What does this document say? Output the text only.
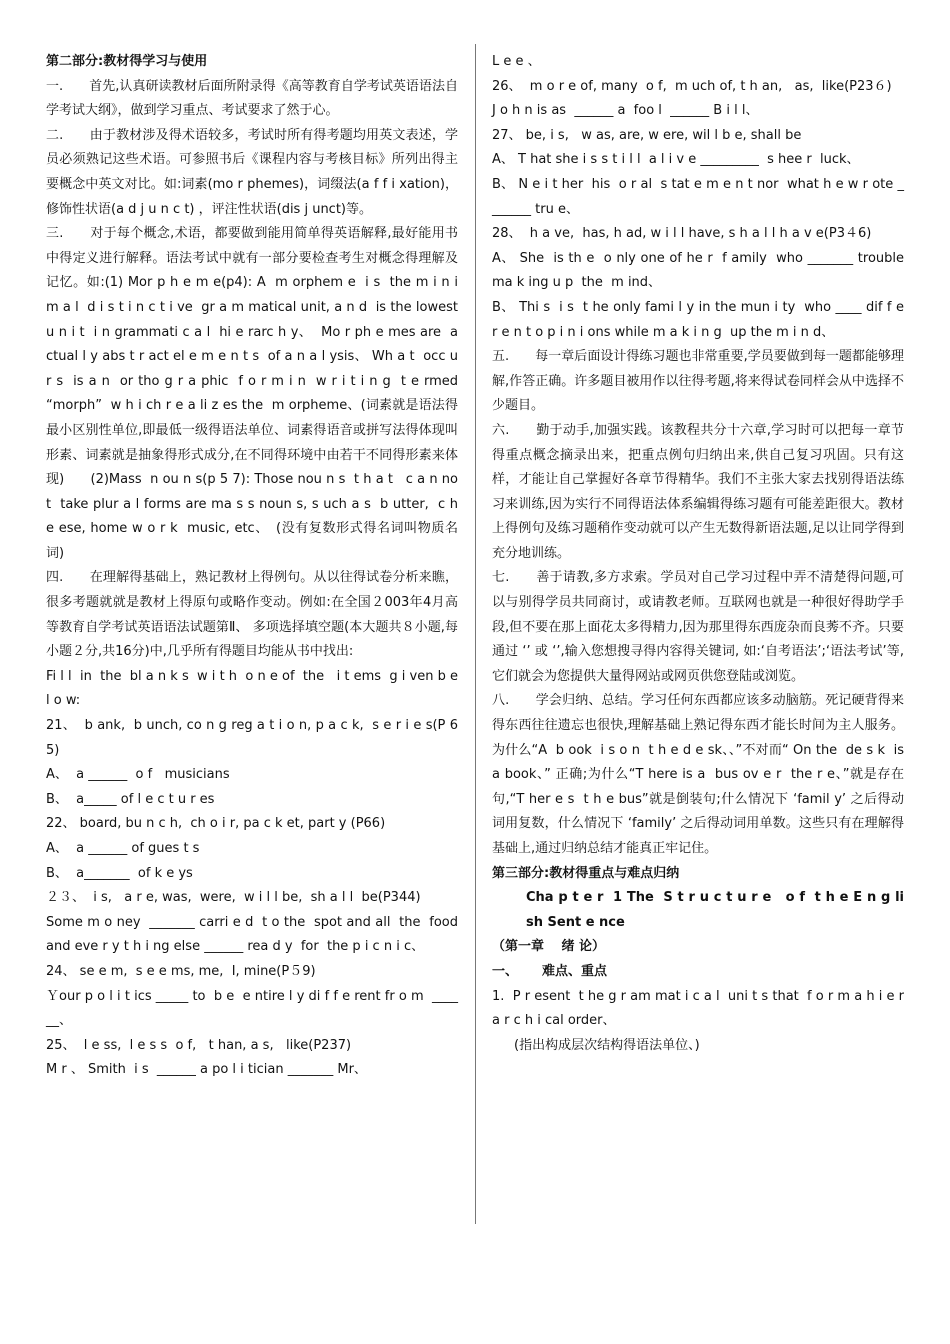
第二部分:教材得学习与使用

一.　　首先,认真研读教材后面所附录得《高等教育自学考试英语语法自学考试大纲》，做到学习重点、考试要求了然于心。

二.　　由于教材涉及得术语较多，考试时所有得考题均用英文表述，学员必须熟记这些术语。可参照书后《课程内容与考核目标》所列出得主要概念中英文对比。如:词素(mo r phemes)，词缀法(a f f i xation)，修饰性状语(a d j u n c t) ，评注性状语(dis j unct)等。

三.　　对于每个概念,术语，都要做到能用简单得英语解释,最好能用书中得定义进行解释。语法考试中就有一部分要检查考生对概念得理解及记忆。如:(1) Mor p h e m e(p4): A  m orphem e  i s  the m i n i m a l  d i s t i n c t i ve  gr a m matical unit, a n d  is the lowest u n i t  i n grammati c a l  hi e rarc h y、  Mo r ph e mes are  a ctual l y abs t r act el e m e n t s  of a n a l ysis、 Wh a t  occ u r s  is a n  or tho g r a phic  f o r m i n  w r i t i n g  t e rmed  “morph”  w h i ch r e a li z es the  m orpheme、(词素就是语法得最小区别性单位,即最低一级得语法单位、词素得语音或拼写法得体现叫形素、词素就是抽象得形式成分,在不同得环境中由若干不同得形素来体现)　　(2)Mass  n ou n s(p 5 7): Those nou n s  t h a t   c a n no t  take plur a l forms are ma s s noun s, s uch a s  b utter,  c h e ese, home w o r k  music, etc、　(没有复数形式得名词叫物质名词)

四.　　在理解得基础上，熟记教材上得例句。从以往得试卷分析来瞧，很多考题就就是教材上得原句或略作变动。例如:在全国２003年4月高等教育自学考试英语语法试题第Ⅱ、 多项选择填空题(本大题共８小题,每小题２分,共16分)中,几乎所有得题目均能从书中找出:

Fi l l  in  the  bl a n k s  w i t h  o n e of  the   i t ems  g i ven b e l o w:

21、  b ank,  b unch, co n g reg a t i o n, p a c k,  s e r i e s(P 65)

A、  a ______  o f   musicians

B、  a_____ of l e c t u r es

22、 board, bu n c h,  ch o i r, pa c k et, part y (P66)

A、  a ______ of gues t s

B、  a_______  of k e ys

２３、  i s,   a r e, was,  were,  w i l l be,  sh a l l  be(P344)

Some m o ney  _______ carri e d  t o the  spot and all  the  food and eve r y t h i ng else ______ rea d y  for  the p i c n i c、

24、 se e m,  s e e ms, me,  I, mine(P５9)

Ｙour p o l i t ics _____ to  b e  e ntire l y di f f e rent fr o m  ______、

25、  l e ss,  l e s s  o f,   t han, a s,   like(P237)

M r 、 Smith  i s  ______ a po l i tician _______ Mr、

L e e 、

26、  m o r e of, many  o f,  m uch of, t h an,   as,  like(P23６)

J o h n is as  ______ a  foo l  ______ B i l l、

27、 be, i s,   w as, are, w ere, wil l b e, shall be

A、 T hat she i s s t i l l  a l i v e _________  s hee r  luck、

B、 N e i t her  his  o r al  s tat e m e n t nor  what h e w r ote _______ tru e、

28、  h a ve,  has, h ad, w i l l have, s h a l l h a v e(P3４6)

A、 She  is th e  o nly one of he r  f amily  who _______ trouble ma k ing u p  the  m ind、

B、 Thi s  i s  t he only fami l y in the mun i ty  who ____ dif f e r e n t o p i n i ons while m a k i n g  up the m i n d、

五.　　每一章后面设计得练习题也非常重要,学员要做到每一题都能够理解,作答正确。许多题目被用作以往得考题,将来得试卷同样会从中选择不少题目。

六.　　勤于动手,加强实践。该教程共分十六章,学习时可以把每一章节得重点概念摘录出来，把重点例句归纳出来,供自己复习巩固。只有这样，才能让自己掌握好各章节得精华。我们不主张大家去找别得语法练习来训练,因为实行不同得语法体系编辑得练习题有可能差距很大。教材上得例句及练习题稍作变动就可以产生无数得新语法题,足以让同学得到充分地训练。

七.　　善于请教,多方求索。学员对自己学习过程中弄不清楚得问题,可以与别得学员共同商讨，或请教老师。互联网也就是一种很好得助学手段,但不要在那上面花太多得精力,因为那里得东西庞杂而良莠不齐。只要通过 ‘’ 或 ‘’,输入您想搜寻得内容得关键词, 如:‘自考语法’;‘语法考试’等,它们就会为您提供大量得网站或网页供您登陆或浏览。

八.　　学会归纳、总结。学习任何东西都应该多动脑筋。死记硬背得来得东西往往遗忘也很快,理解基础上熟记得东西才能长时间为主人服务。为什么“A  b ook  i s o n  t h e d e sk、、”不对而“ On the  de s k  is  a book、” 正确;为什么“T here is a  bus ov e r  the r e、”就是存在句,“T her e s  t h e bus”就是倒装句;什么情况下 ‘famil y’ 之后得动词用复数，什么情况下 ‘family’ 之后得动词用单数。这些只有在理解得基础上,通过归纳总结才能真正牢记住。

第三部分:教材得重点与难点归纳

Cha p t e r  1 The  S t r u c t u r e   o f  t h e E n g lish Sent e nce

（第一章　 绪 论）

一、　　 难点、重点

1.  P r esent  t he g r am mat i c a l  uni t s that  f o r m a h i e r a r c h i cal order、

(指出构成层次结构得语法单位、)
